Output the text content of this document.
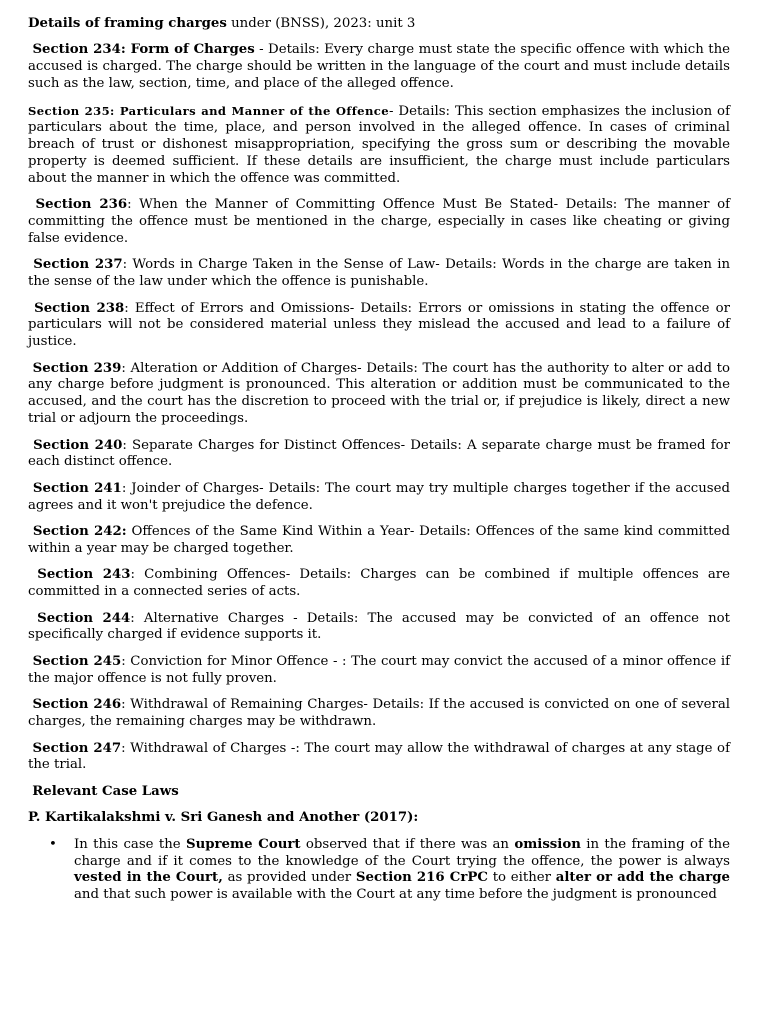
Details of framing charges under (BNSS), 2023: unit 3

Section 234: Form of Charges - Details: Every charge must state the specific offence with which the accused is charged. The charge should be written in the language of the court and must include details such as the law, section, time, and place of the alleged offence.

Section 235: Particulars and Manner of the Offence- Details: This section emphasizes the inclusion of particulars about the time, place, and person involved in the alleged offence. In cases of criminal breach of trust or dishonest misappropriation, specifying the gross sum or describing the movable property is deemed sufficient. If these details are insufficient, the charge must include particulars about the manner in which the offence was committed.

Section 236: When the Manner of Committing Offence Must Be Stated- Details: The manner of committing the offence must be mentioned in the charge, especially in cases like cheating or giving false evidence.

Section 237: Words in Charge Taken in the Sense of Law- Details: Words in the charge are taken in the sense of the law under which the offence is punishable.

Section 238: Effect of Errors and Omissions- Details: Errors or omissions in stating the offence or particulars will not be considered material unless they mislead the accused and lead to a failure of justice.

Section 239: Alteration or Addition of Charges- Details: The court has the authority to alter or add to any charge before judgment is pronounced. This alteration or addition must be communicated to the accused, and the court has the discretion to proceed with the trial or, if prejudice is likely, direct a new trial or adjourn the proceedings.

Section 240: Separate Charges for Distinct Offences- Details: A separate charge must be framed for each distinct offence.

Section 241: Joinder of Charges- Details: The court may try multiple charges together if the accused agrees and it won't prejudice the defence.

Section 242: Offences of the Same Kind Within a Year- Details: Offences of the same kind committed within a year may be charged together.

Section 243: Combining Offences- Details: Charges can be combined if multiple offences are committed in a connected series of acts.

Section 244: Alternative Charges - Details: The accused may be convicted of an offence not specifically charged if evidence supports it.

Section 245: Conviction for Minor Offence - : The court may convict the accused of a minor offence if the major offence is not fully proven.

Section 246: Withdrawal of Remaining Charges- Details: If the accused is convicted on one of several charges, the remaining charges may be withdrawn.

Section 247: Withdrawal of Charges -: The court may allow the withdrawal of charges at any stage of the trial.

Relevant Case Laws

P. Kartikalakshmi v. Sri Ganesh and Another (2017):

• In this case the Supreme Court observed that if there was an omission in the framing of the charge and if it comes to the knowledge of the Court trying the offence, the power is always vested in the Court, as provided under Section 216 CrPC to either alter or add the charge and that such power is available with the Court at any time before the judgment is pronounced
